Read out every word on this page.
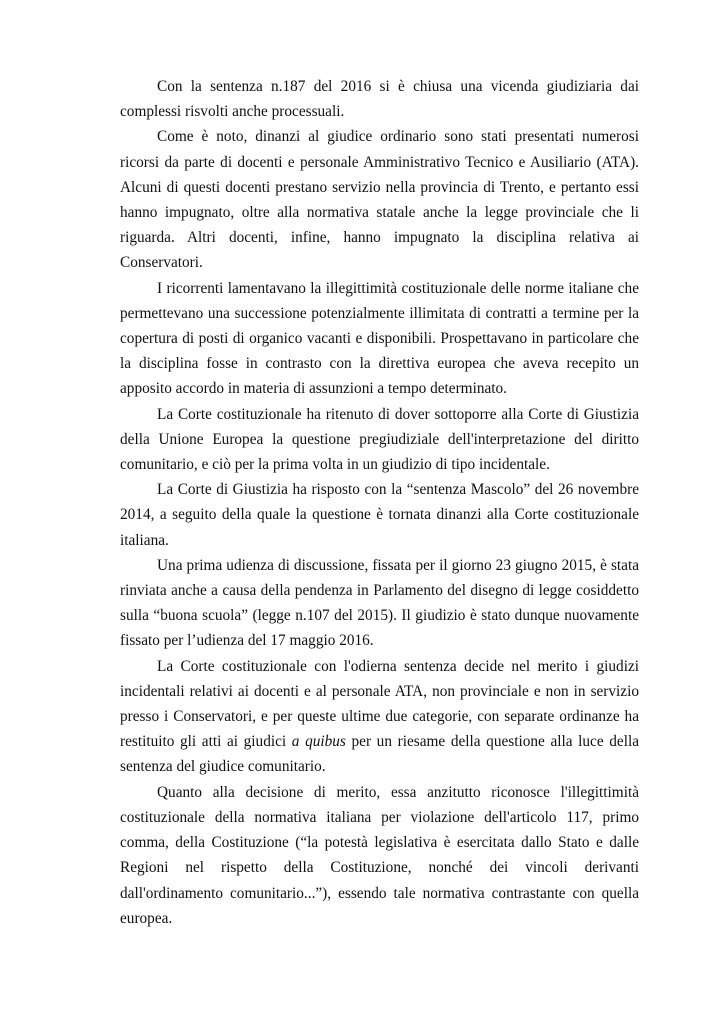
Con la sentenza n.187 del 2016 si è chiusa una vicenda giudiziaria dai complessi risvolti anche processuali.

Come è noto, dinanzi al giudice ordinario sono stati presentati numerosi ricorsi da parte di docenti e personale Amministrativo Tecnico e Ausiliario (ATA). Alcuni di questi docenti prestano servizio nella provincia di Trento, e pertanto essi hanno impugnato, oltre alla normativa statale anche la legge provinciale che li riguarda. Altri docenti, infine, hanno impugnato la disciplina relativa ai Conservatori.

I ricorrenti lamentavano la illegittimità costituzionale delle norme italiane che permettevano una successione potenzialmente illimitata di contratti a termine per la copertura di posti di organico vacanti e disponibili. Prospettavano in particolare che la disciplina fosse in contrasto con la direttiva europea che aveva recepito un apposito accordo in materia di assunzioni a tempo determinato.

La Corte costituzionale ha ritenuto di dover sottoporre alla Corte di Giustizia della Unione Europea la questione pregiudiziale dell'interpretazione del diritto comunitario, e ciò per la prima volta in un giudizio di tipo incidentale.

La Corte di Giustizia ha risposto con la “sentenza Mascolo” del 26 novembre 2014, a seguito della quale la questione è tornata dinanzi alla Corte costituzionale italiana.

Una prima udienza di discussione, fissata per il giorno 23 giugno 2015, è stata rinviata anche a causa della pendenza in Parlamento del disegno di legge cosiddetto sulla “buona scuola” (legge n.107 del 2015). Il giudizio è stato dunque nuovamente fissato per l’udienza del 17 maggio 2016.

La Corte costituzionale con l'odierna sentenza decide nel merito i giudizi incidentali relativi ai docenti e al personale ATA, non provinciale e non in servizio presso i Conservatori, e per queste ultime due categorie, con separate ordinanze ha restituito gli atti ai giudici a quibus per un riesame della questione alla luce della sentenza del giudice comunitario.

Quanto alla decisione di merito, essa anzitutto riconosce l'illegittimità costituzionale della normativa italiana per violazione dell'articolo 117, primo comma, della Costituzione (“la potestà legislativa è esercitata dallo Stato e dalle Regioni nel rispetto della Costituzione, nonché dei vincoli derivanti dall'ordinamento comunitario...”), essendo tale normativa contrastante con quella europea.
